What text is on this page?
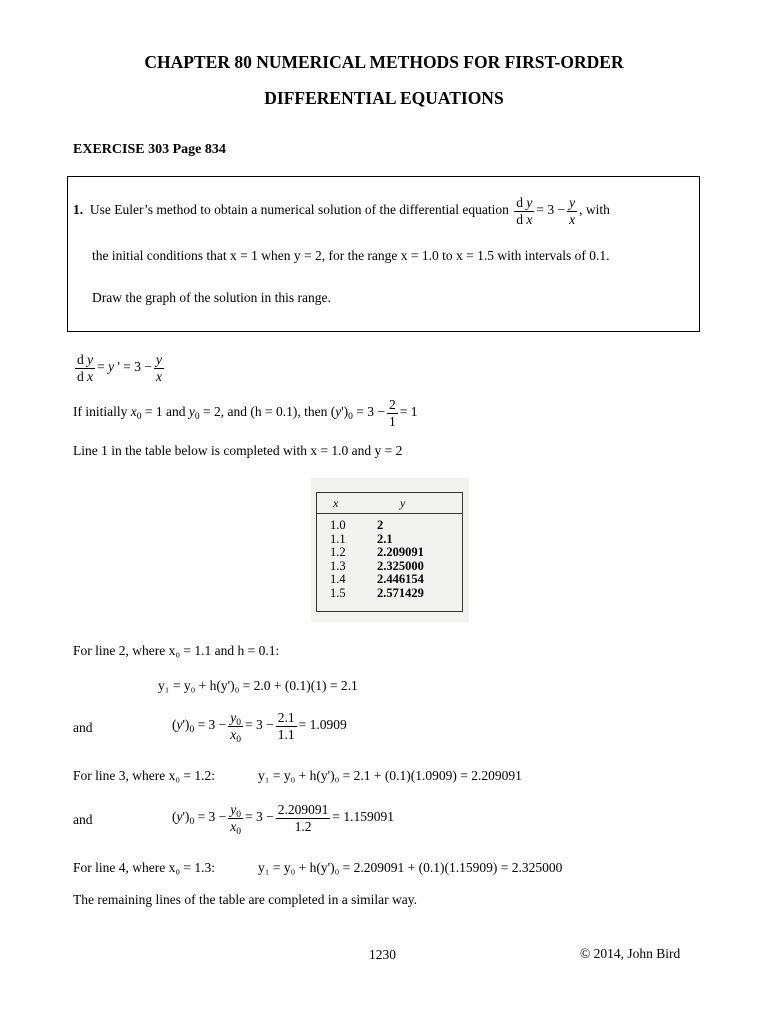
CHAPTER 80 NUMERICAL METHODS FOR FIRST-ORDER
DIFFERENTIAL EQUATIONS
EXERCISE 303 Page 834
1. Use Euler’s method to obtain a numerical solution of the differential equation $\frac{\text{d y}}{\text{d x}} = 3 - \frac{y}{x}$ , with
the initial conditions that x = 1 when y = 2, for the range x = 1.0 to x = 1.5 with intervals of 0.1.
Draw the graph of the solution in this range.
$\frac{\text{d y}}{\text{d x}} = y$ ' = $3 - \frac{y}{x}$
If initially $x_0 = 1$ and $y_0 = 2$, and (h = 0.1), then $(y')_0 = 3 - \frac{2}{1} = 1$
Line 1 in the table below is completed with x = 1.0 and y = 2
x	y
1.0	2
1.1	2.1
1.2	2.209091
1.3	2.325000
1.4	2.446154
1.5	2.571429
For line 2, where x₀ = 1.1 and h = 0.1:
y₁ = y₀ + h(y')₀ = 2.0 + (0.1)(1) = 2.1
and	$(y')_0 = 3 - \frac{y_0}{x_0} = 3 - \frac{2.1}{1.1} = 1.0909$
For line 3, where x₀ = 1.2:	y₁ = y₀ + h(y')₀ = 2.1 + (0.1)(1.0909) = 2.209091
and	$(y')_0 = 3 - \frac{y_0}{x_0} = 3 - \frac{2.209091}{1.2} = 1.159091$
For line 4, where x₀ = 1.3:	y₁ = y₀ + h(y')₀ = 2.209091 + (0.1)(1.15909) = 2.325000
The remaining lines of the table are completed in a similar way.
1230	© 2014, John Bird
